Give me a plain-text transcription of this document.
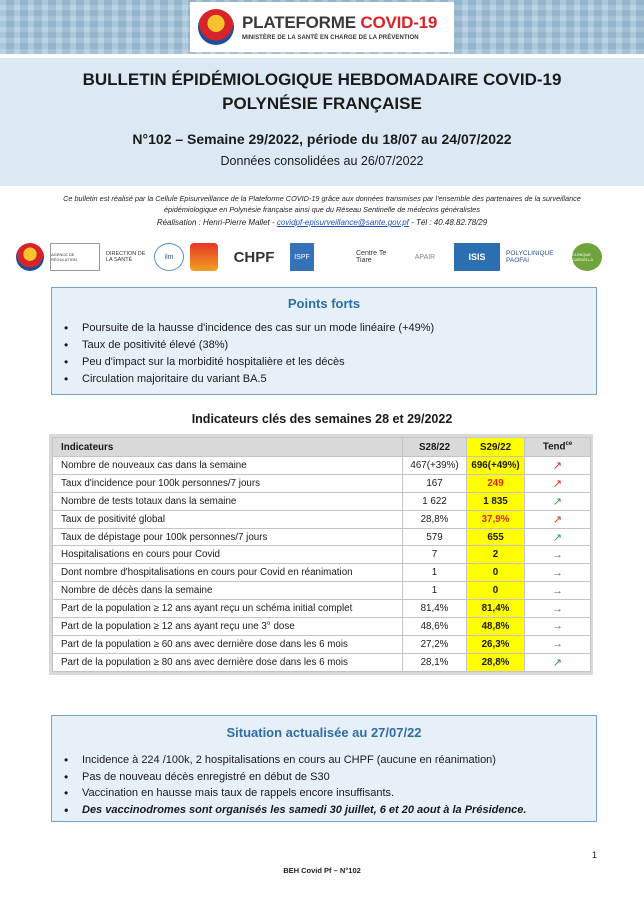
PLATEFORME COVID-19
MINISTÈRE DE LA SANTÉ EN CHARGE DE LA PRÉVENTION
BULLETIN ÉPIDÉMIOLOGIQUE HEBDOMADAIRE COVID-19
POLYNÉSIE FRANÇAISE
N°102 – Semaine 29/2022, période du 18/07 au 24/07/2022
Données consolidées au 26/07/2022
Ce bulletin est réalisé par la Cellule Episurveillance de la Plateforme COVID-19 grâce aux données transmises par l'ensemble des partenaires de la surveillance épidémiologique en Polynésie française ainsi que du Réseau Sentinelle de médecins généralistes
Réalisation : Henri-Pierre Mallet - covidpf-episurveillance@sante.gov.pf - Tél : 40.48.82.78/29
AGENCE DE RÉGULATION
DIRECTION DE LA SANTÉ	ilm	CHPF	ISPF	Centre Te Tiare	APAIR	ISIS	POLYCLINIQUE PAOFAI
CLINIQUE CARDELLA
Points forts
• Poursuite de la hausse d'incidence des cas sur un mode linéaire (+49%)
• Taux de positivité élevé (38%)
• Peu d'impact sur la morbidité hospitalière et les décès
• Circulation majoritaire du variant BA.5
Indicateurs clés des semaines 28 et 29/2022
Indicateurs	S28/22	S29/22	Tend$^{ce}$
Nombre de nouveaux cas dans la semaine	467(+39%)	696(+49%)	↗
Taux d'incidence pour 100k personnes/7 jours	167	249	↗
Nombre de tests totaux dans la semaine	1 622	1 835	↗
Taux de positivité global	28,8%	37,9%	↗
Taux de dépistage pour 100k personnes/7 jours	579	655	↗
Hospitalisations en cours pour Covid	7	2	→
Dont nombre d'hospitalisations en cours pour Covid en réanimation	1	0	→
Nombre de décès dans la semaine	1	0	→
Part de la population ≥ 12 ans ayant reçu un schéma initial complet	81,4%	81,4%	→
Part de la population ≥ 12 ans ayant reçu une 3° dose	48,6%	48,8%	→
Part de la population ≥ 60 ans avec dernière dose dans les 6 mois	27,2%	26,3%	→
Part de la population ≥ 80 ans avec dernière dose dans les 6 mois	28,1%	28,8%	↗
Situation actualisée au 27/07/22
• Incidence à 224 /100k, 2 hospitalisations en cours au CHPF (aucune en réanimation)
• Pas de nouveau décès enregistré en début de S30
• Vaccination en hausse mais taux de rappels encore insuffisants.
• Des vaccinodromes sont organisés les samedi 30 juillet, 6 et 20 aout à la Présidence.
1
BEH Covid Pf – N°102
